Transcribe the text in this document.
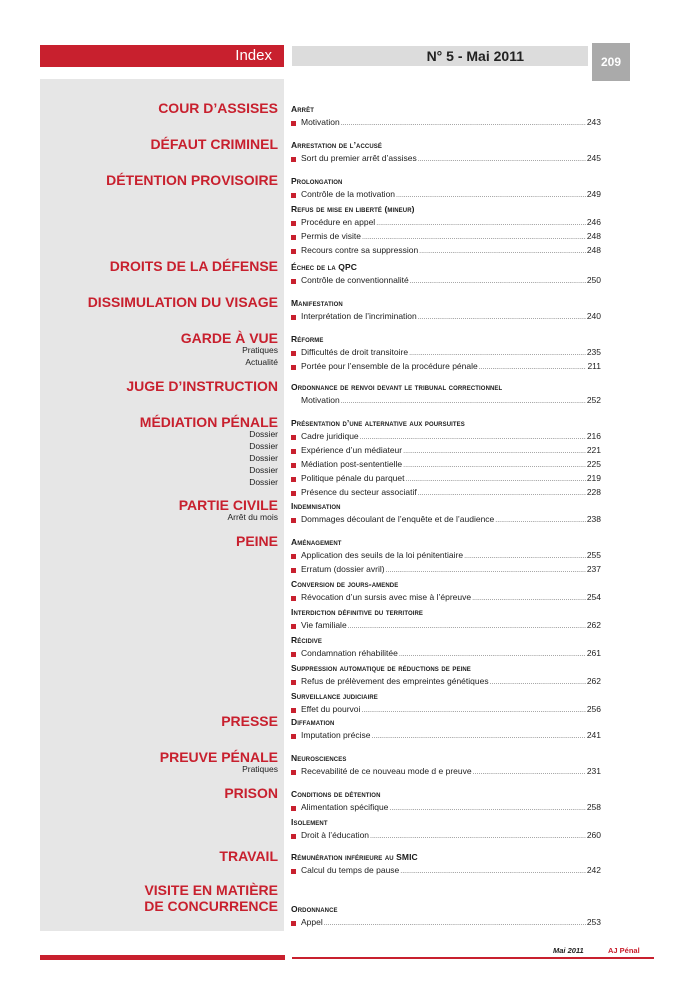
Index	N° 5 - Mai 2011	209
COUR D’ASSISES Arrêt
Motivation .....	243
DÉFAUT CRIMINEL Arrestation de l’accusé
Sort du premier arrêt d’assises .....	245
DÉTENTION PROVISOIRE Prolongation
Contrôle de la motivation .....	249
Refus de mise en liberté (mineur)
Procédure en appel .....	246
Permis de visite .....	248
Recours contre sa suppression .....	248
DROITS DE LA DÉFENSE Échec de la QPC
Contrôle de conventionnalité .....	250
DISSIMULATION DU VISAGE Manifestation
Interprétation de l’incrimination .....	240
GARDE À VUE
Pratiques
Actualité
Réforme
Difficultés de droit transitoire .....	235
Portée pour l’ensemble de la procédure pénale .....	211
JUGE D’INSTRUCTION Ordonnance de renvoi devant le tribunal correctionnel
Motivation .....	252
MÉDIATION PÉNALE
Dossier
Dossier
Dossier
Dossier
Dossier
Présentation d’une alternative aux poursuites
Cadre juridique .....	216
Expérience d’un médiateur .....	221
Médiation post-sententielle .....	225
Politique pénale du parquet .....	219
Présence du secteur associatif .....	228
PARTIE CIVILE
Arrêt du mois
Indemnisation
Dommages découlant de l’enquête et de l’audience .....	238
PEINE Aménagement
Application des seuils de la loi pénitentiaire .....	255
Erratum (dossier avril) .....	237
Conversion de jours-amende
Révocation d’un sursis avec mise à l’épreuve .....	254
Interdiction définitive du territoire
Vie familiale .....	262
Récidive
Condamnation réhabilitée .....	261
Suppression automatique de réductions de peine
Refus de prélèvement des empreintes génétiques .....	262
Surveillance judiciaire
Effet du pourvoi .....	256
PRESSE Diffamation
Imputation précise .....	241
PREUVE PÉNALE
Pratiques
Neurosciences
Recevabilité de ce nouveau mode d e preuve .....	231
PRISON Conditions de détention
Alimentation spécifique .....	258
Isolement
Droit à l’éducation .....	260
TRAVAIL Rémunération inférieure au SMIC
Calcul du temps de pause .....	242
VISITE EN MATIÈRE
DE CONCURRENCE Ordonnance
Appel .....	253
Mai 2011	AJ Pénal
